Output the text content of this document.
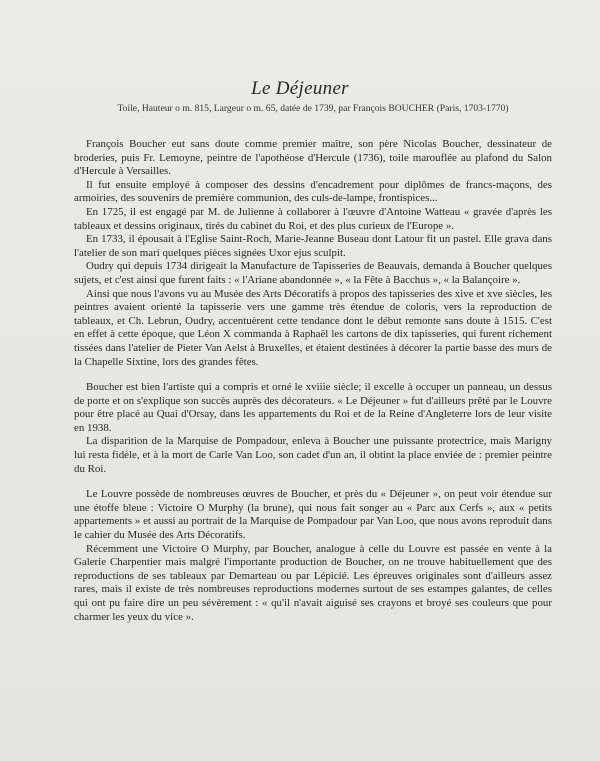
Le Déjeuner
Toile, Hauteur o m. 815, Largeur o m. 65, datée de 1739, par François BOUCHER (Paris, 1703-1770)

François Boucher eut sans doute comme premier maître, son père Nicolas Boucher, dessinateur de broderies, puis Fr. Lemoyne, peintre de l'apothéose d'Hercule (1736), toile marouflée au plafond du Salon d'Hercule à Versailles.

Il fut ensuite employé à composer des dessins d'encadrement pour diplômes de francs-maçons, des armoiries, des souvenirs de première communion, des culs-de-lampe, frontispices...

En 1725, il est engagé par M. de Julienne à collaborer à l'œuvre d'Antoine Watteau « gravée d'après les tableaux et dessins originaux, tirés du cabinet du Roi, et des plus curieux de l'Europe ».

En 1733, il épousait à l'Eglise Saint-Roch, Marie-Jeanne Buseau dont Latour fit un pastel. Elle grava dans l'atelier de son mari quelques pièces signées Uxor ejus sculpit.

Oudry qui depuis 1734 dirigeait la Manufacture de Tapisseries de Beauvais, demanda à Boucher quelques sujets, et c'est ainsi que furent faits : « l'Ariane abandonnée », « la Fête à Bacchus », « la Balançoire ».

Ainsi que nous l'avons vu au Musée des Arts Décoratifs à propos des tapisseries des xive et xve siècles, les peintres avaient orienté la tapisserie vers une gamme très étendue de coloris, vers la reproduction de tableaux, et Ch. Lebrun, Oudry, accentuèrent cette tendance dont le début remonte sans doute à 1515. C'est en effet à cette époque, que Léon X commanda à Raphaël les cartons de dix tapisseries, qui furent richement tissées dans l'atelier de Pieter Van Aelst à Bruxelles, et étaient destinées à décorer la partie basse des murs de la Chapelle Sixtine, lors des grandes fêtes.

Boucher est bien l'artiste qui a compris et orné le xviiie siècle; il excelle à occuper un panneau, un dessus de porte et on s'explique son succès auprès des décorateurs. « Le Déjeuner » fut d'ailleurs prêté par le Louvre pour être placé au Quai d'Orsay, dans les appartements du Roi et de la Reine d'Angleterre lors de leur visite en 1938.

La disparition de la Marquise de Pompadour, enleva à Boucher une puissante protectrice, mais Marigny lui resta fidèle, et à la mort de Carle Van Loo, son cadet d'un an, il obtint la place enviée de : premier peintre du Roi.

Le Louvre possède de nombreuses œuvres de Boucher, et près du « Déjeuner », on peut voir étendue sur une étoffe bleue : Victoire O Murphy (la brune), qui nous fait songer au « Parc aux Cerfs », aux « petits appartements » et aussi au portrait de la Marquise de Pompadour par Van Loo, que nous avons reproduit dans le cahier du Musée des Arts Décoratifs.

Récemment une Victoire O Murphy, par Boucher, analogue à celle du Louvre est passée en vente à la Galerie Charpentier mais malgré l'importante production de Boucher, on ne trouve habituellement que des reproductions de ses tableaux par Demarteau ou par Lépicié. Les épreuves originales sont d'ailleurs assez rares, mais il existe de très nombreuses reproductions modernes surtout de ses estampes galantes, de celles qui ont pu faire dire un peu sévèrement : « qu'il n'avait aiguisé ses crayons et broyé ses couleurs que pour charmer les yeux du vice ».
